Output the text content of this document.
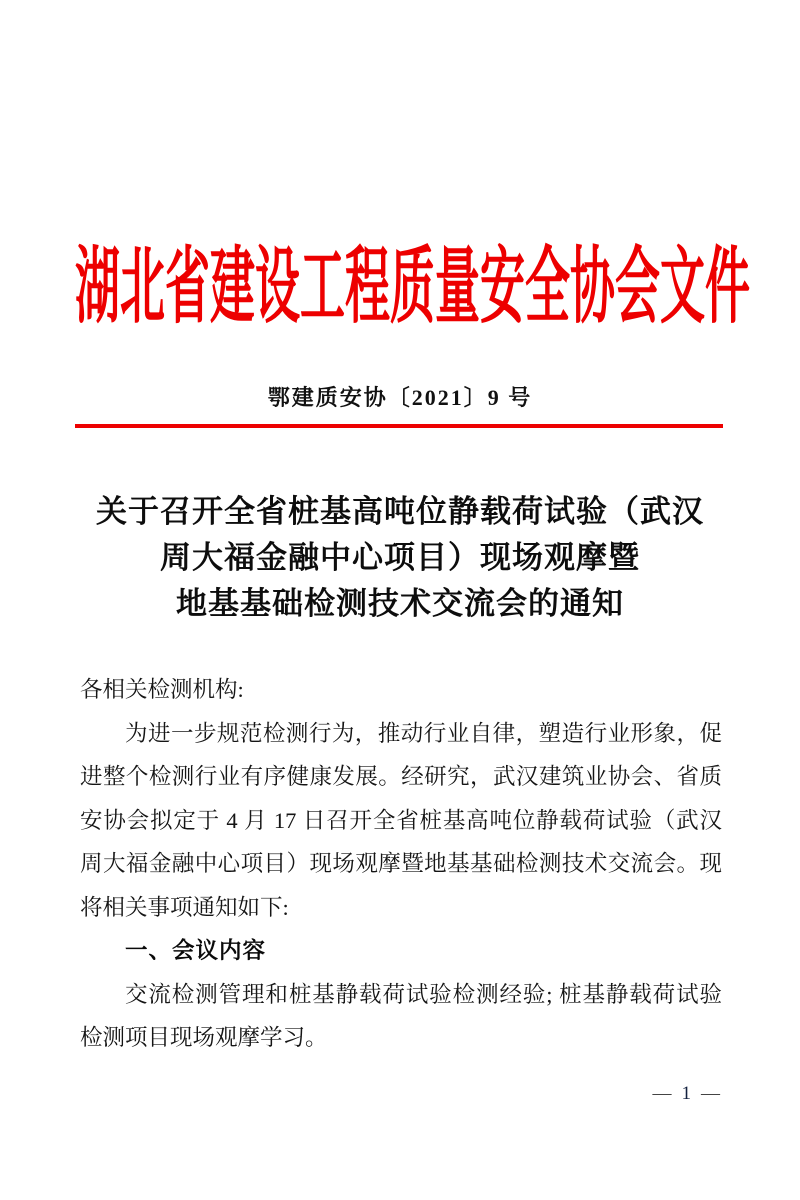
湖北省建设工程质量安全协会文件
鄂建质安协〔2021〕9 号
关于召开全省桩基高吨位静载荷试验（武汉
周大福金融中心项目）现场观摩暨
地基基础检测技术交流会的通知
各相关检测机构:
为进一步规范检测行为，推动行业自律，塑造行业形象，促
进整个检测行业有序健康发展。经研究，武汉建筑业协会、省质
安协会拟定于 4 月 17 日召开全省桩基高吨位静载荷试验（武汉
周大福金融中心项目）现场观摩暨地基基础检测技术交流会。现
将相关事项通知如下:
一、会议内容
交流检测管理和桩基静载荷试验检测经验; 桩基静载荷试验
检测项目现场观摩学习。
— 1 —
